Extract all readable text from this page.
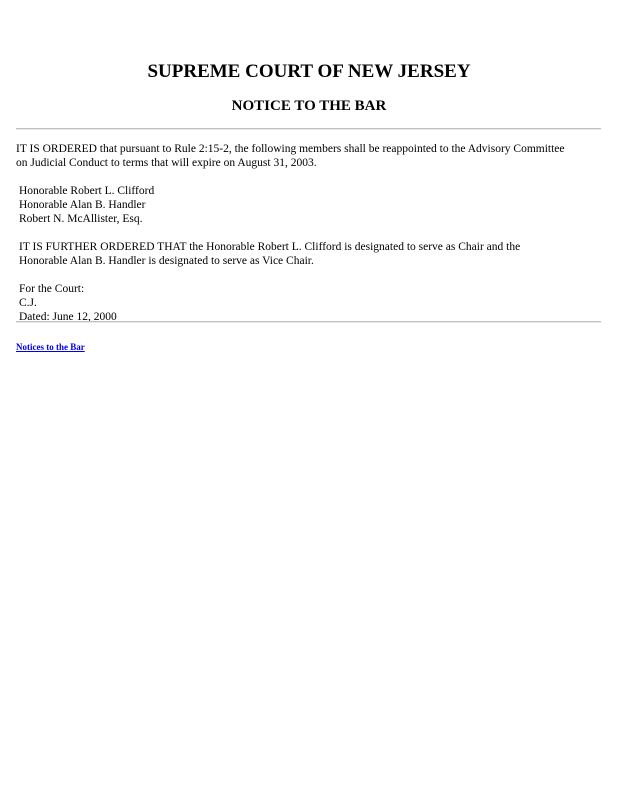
SUPREME COURT OF NEW JERSEY
NOTICE TO THE BAR

IT IS ORDERED that pursuant to Rule 2:15-2, the following members shall be reappointed to the Advisory Committee
on Judicial Conduct to terms that will expire on August 31, 2003.

Honorable Robert L. Clifford
Honorable Alan B. Handler
Robert N. McAllister, Esq.

IT IS FURTHER ORDERED THAT the Honorable Robert L. Clifford is designated to serve as Chair and the
Honorable Alan B. Handler is designated to serve as Vice Chair.

For the Court:
C.J.
Dated: June 12, 2000

Notices to the Bar
